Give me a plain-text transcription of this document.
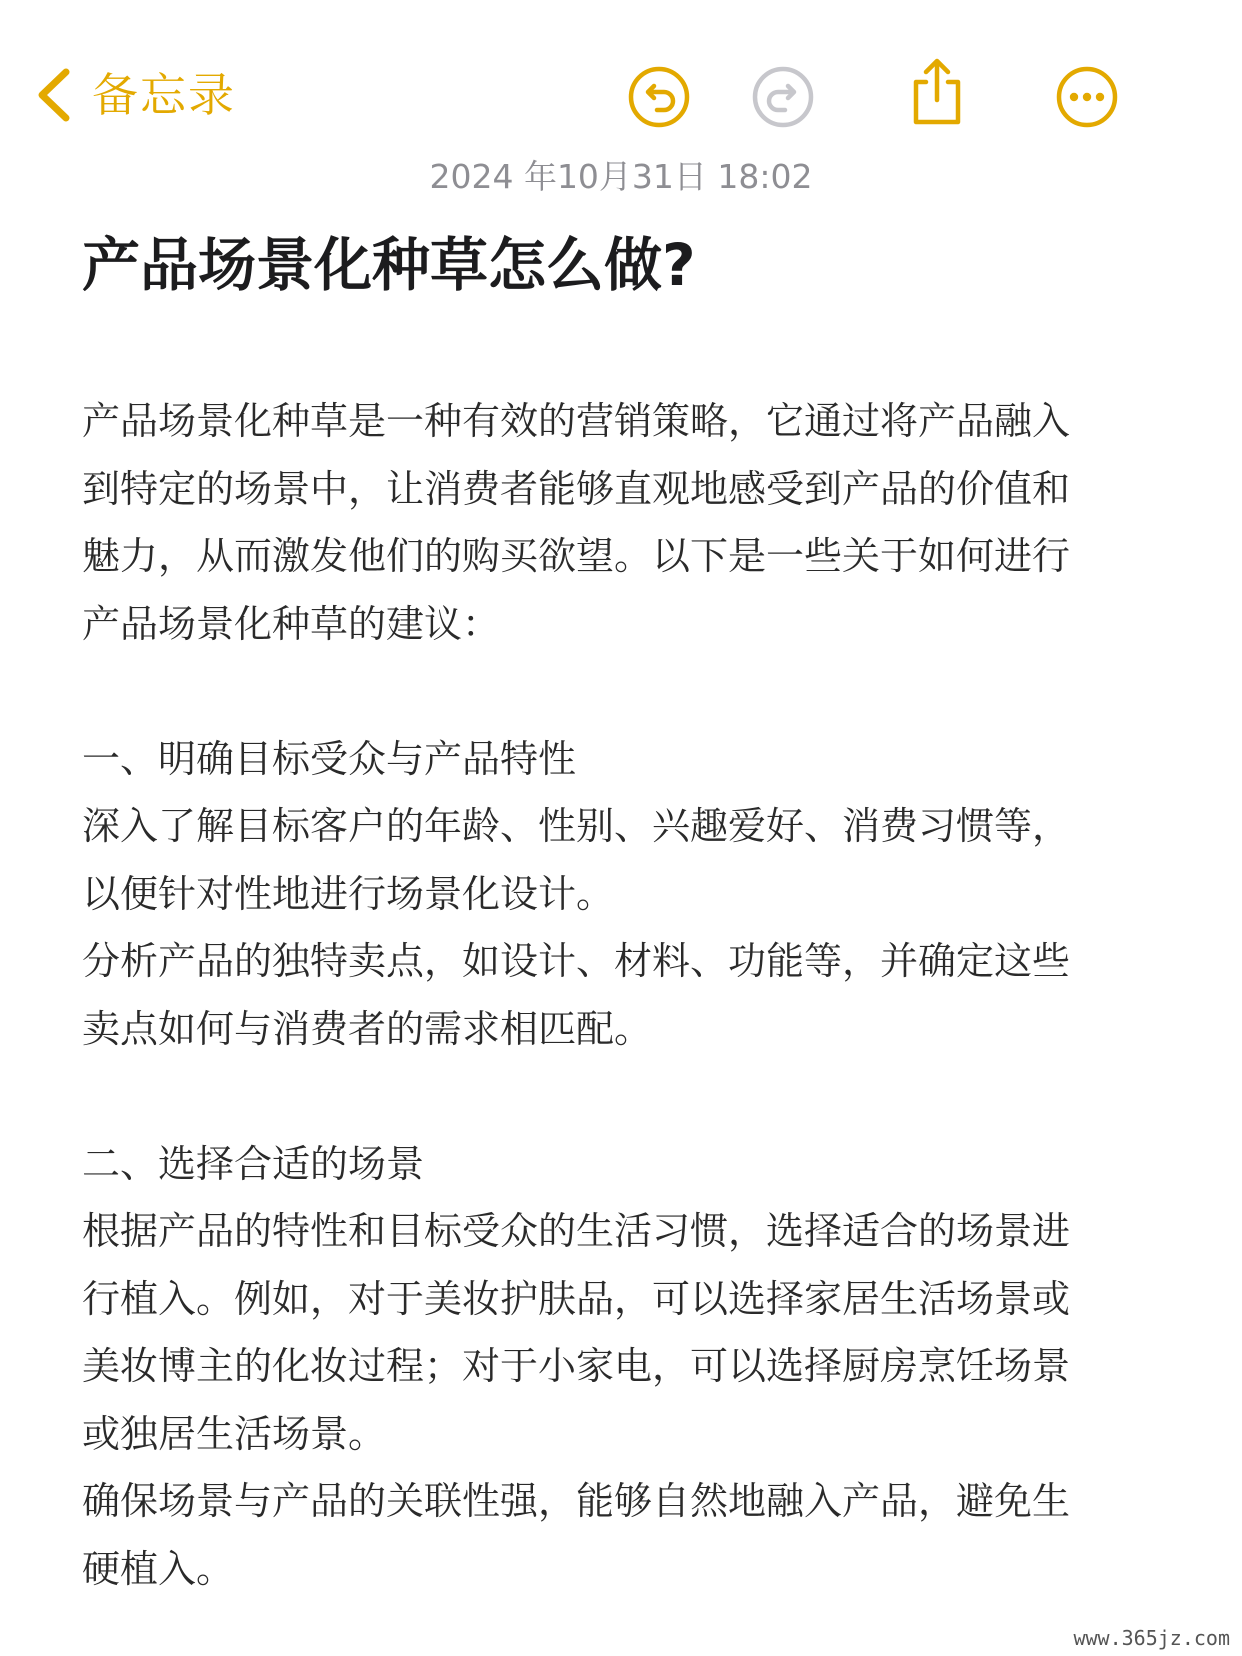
备忘录
2024 年10月31日 18:02
产品场景化种草怎么做?
产品场景化种草是一种有效的营销策略，它通过将产品融入
到特定的场景中，让消费者能够直观地感受到产品的价值和
魅力，从而激发他们的购买欲望。以下是一些关于如何进行
产品场景化种草的建议：
一、明确目标受众与产品特性
深入了解目标客户的年龄、性别、兴趣爱好、消费习惯等，
以便针对性地进行场景化设计。
分析产品的独特卖点，如设计、材料、功能等，并确定这些
卖点如何与消费者的需求相匹配。
二、选择合适的场景
根据产品的特性和目标受众的生活习惯，选择适合的场景进
行植入。例如，对于美妆护肤品，可以选择家居生活场景或
美妆博主的化妆过程；对于小家电，可以选择厨房烹饪场景
或独居生活场景。
确保场景与产品的关联性强，能够自然地融入产品，避免生
硬植入。
www.365jz.com
